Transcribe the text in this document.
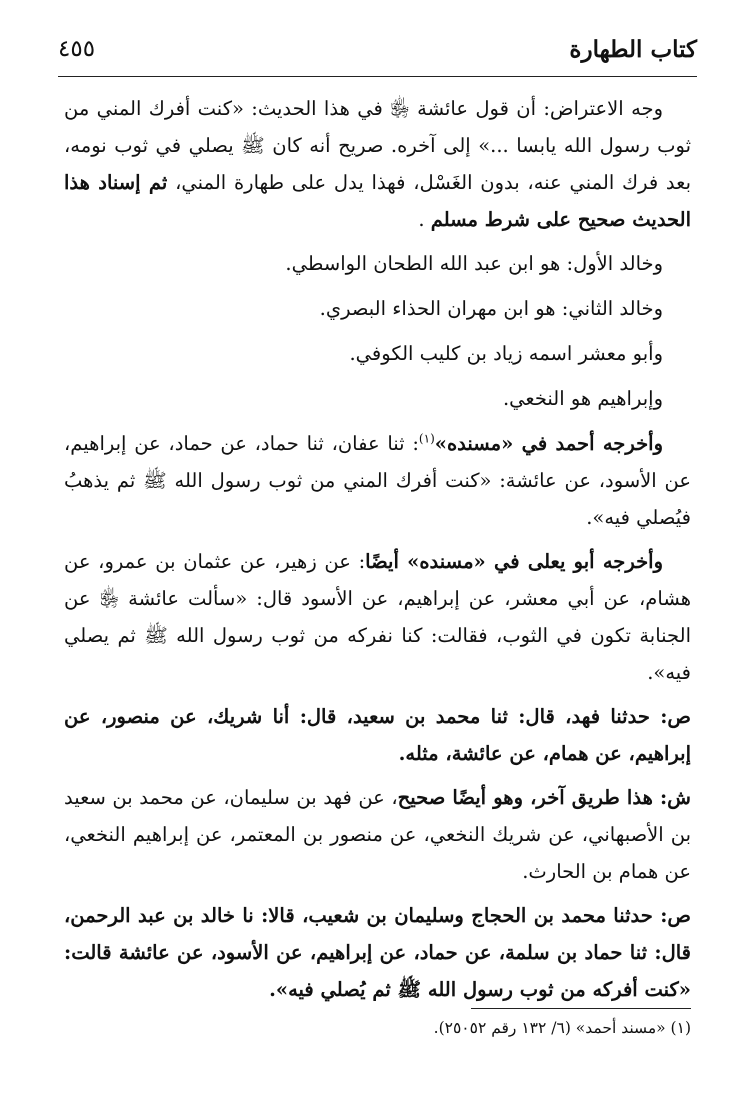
كتاب الطهارة
٤٥٥

وجه الاعتراض: أن قول عائشة ﵂ في هذا الحديث: «كنت أفرك المني من ثوب رسول الله يابسا ...» إلى آخره. صريح أنه كان ﷺ يصلي في ثوب نومه، بعد فرك المني عنه، بدون الغَسْل، فهذا يدل على طهارة المني، ثم إسناد هذا الحديث صحيح على شرط مسلم .

وخالد الأول: هو ابن عبد الله الطحان الواسطي.

وخالد الثاني: هو ابن مهران الحذاء البصري.

وأبو معشر اسمه زياد بن كليب الكوفي.

وإبراهيم هو النخعي.

وأخرجه أحمد في «مسنده»$^{(١)}$: ثنا عفان، ثنا حماد، عن حماد، عن إبراهيم، عن الأسود، عن عائشة: «كنت أفرك المني من ثوب رسول الله ﷺ ثم يذهبُ فيُصلي فيه».

وأخرجه أبو يعلى في «مسنده» أيضًا: عن زهير، عن عثمان بن عمرو، عن هشام، عن أبي معشر، عن إبراهيم، عن الأسود قال: «سألت عائشة ﵂ عن الجنابة تكون في الثوب، فقالت: كنا نفركه من ثوب رسول الله ﷺ ثم يصلي فيه».

ص: حدثنا فهد، قال: ثنا محمد بن سعيد، قال: أنا شريك، عن منصور، عن إبراهيم، عن همام، عن عائشة، مثله.

ش: هذا طريق آخر، وهو أيضًا صحيح، عن فهد بن سليمان، عن محمد بن سعيد بن الأصبهاني، عن شريك النخعي، عن منصور بن المعتمر، عن إبراهيم النخعي، عن همام بن الحارث.

ص: حدثنا محمد بن الحجاج وسليمان بن شعيب، قالا: نا خالد بن عبد الرحمن، قال: ثنا حماد بن سلمة، عن حماد، عن إبراهيم، عن الأسود، عن عائشة قالت: «كنت أفركه من ثوب رسول الله ﷺ ثم يُصلي فيه».

(١) «مسند أحمد» (٦/ ١٣٢ رقم ٢٥٠٥٢).
